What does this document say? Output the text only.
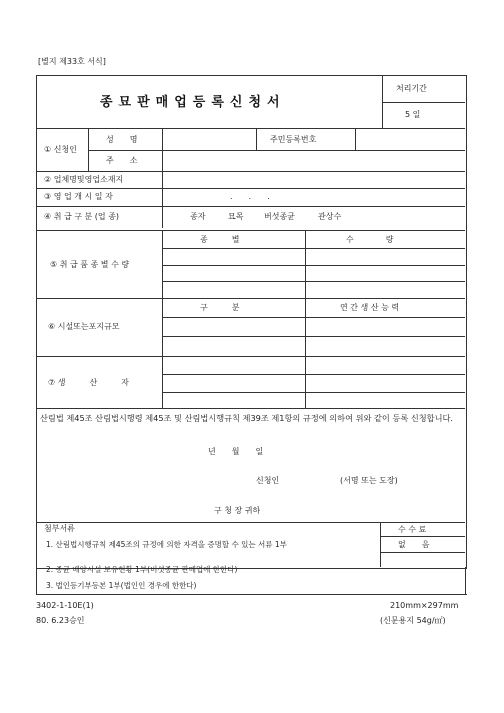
[별지 제33호 서식]
종묘판매업등록신청서
처리기간
5 일
① 신청인
성　　명	주민등록번호
주　　소
② 업체명및영업소재지
③ 영 업 개 시 일 자	.　　.　　.
④ 취 급 구 분 (업 종)	종자	묘목	버섯종균	관상수
⑤ 취 급 품 종 별 수 량
종　　　별	수　　　　량
⑥ 시설또는포지규모
구　　　분	연 간 생 산 능 력
⑦ 생　　　산　　　자
산림법 제45조 산림법시행령 제45조 및 산림법시행규칙 제39조 제1항의 규정에 의하여 위와 같이 등록 신청합니다.
년　　월　　일
신청인	(서명 또는 도장)
구 청 장 귀하
첨부서류
1. 산림법시행규칙 제45조의 규정에 의한 자격을 증명할 수 있는 서류 1부
2. 종균 배양시설 보유현황 1부(버섯종균 판매업에 한한다)
3. 법인등기부등본 1부(법인인 경우에 한한다)
수 수 료
없　　음
3402-1-10E(1)	210mm×297mm
80. 6.23승인	(신문용지 54g/㎡)
